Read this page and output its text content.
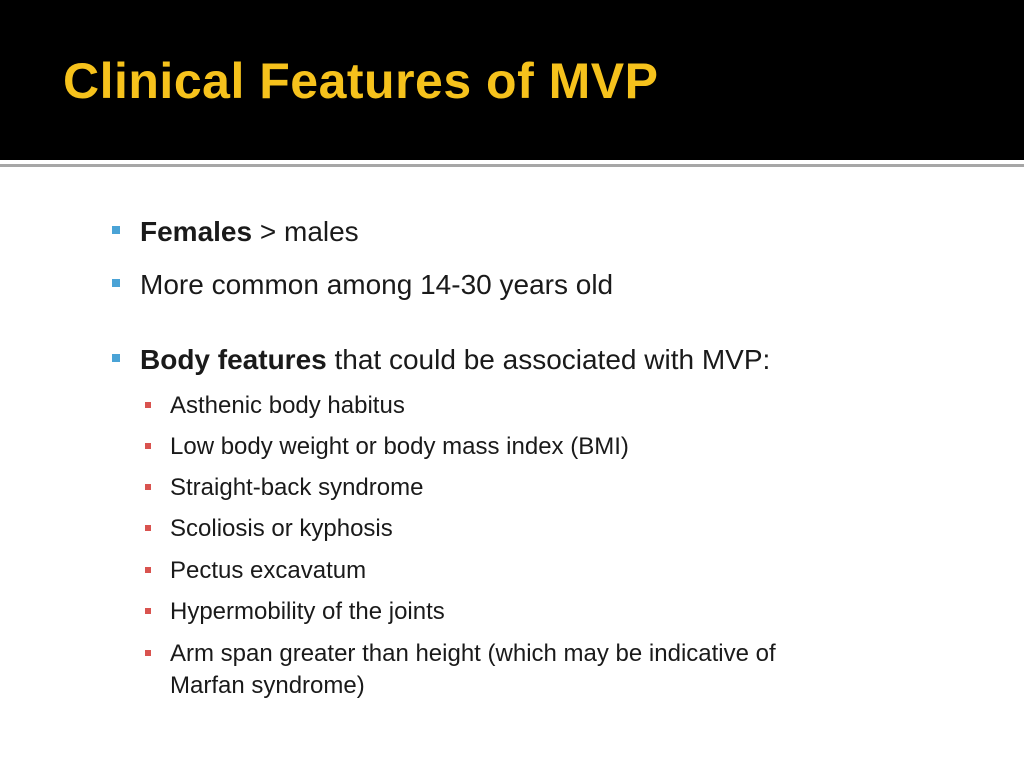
Clinical Features of MVP
Females > males
More common among 14-30 years old
Body features that could be associated with MVP:
Asthenic body habitus
Low body weight or body mass index (BMI)
Straight-back syndrome
Scoliosis or kyphosis
Pectus excavatum
Hypermobility of the joints
Arm span greater than height (which may be indicative of
Marfan syndrome)
